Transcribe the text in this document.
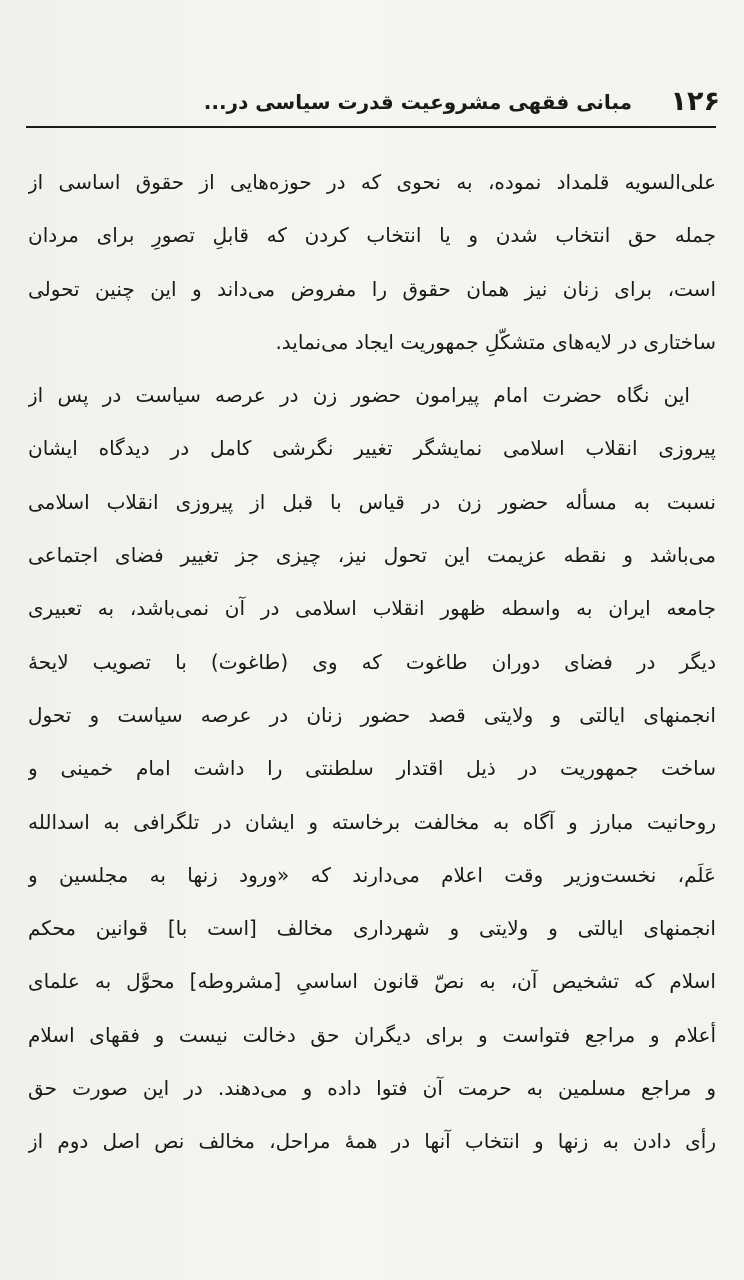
۱۲۶
مبانی فقهی مشروعیت قدرت سیاسی در...
علی‌السویه قلمداد نموده، به نحوی که در حوزه‌هایی از حقوق اساسی از
جمله حق انتخاب شدن و یا انتخاب کردن که قابلِ تصورِ برای مردان
است، برای زنان نیز همان حقوق را مفروض می‌داند و این چنین تحولی
ساختاری در لایه‌های متشکّلِ جمهوریت ایجاد می‌نماید.
این نگاه حضرت امام پیرامون حضور زن در عرصه سیاست در پس از
پیروزی انقلاب اسلامی نمایشگر تغییر نگرشی کامل در دیدگاه ایشان
نسبت به مسأله حضور زن در قیاس با قبل از پیروزی انقلاب اسلامی
می‌باشد و نقطه عزیمت این تحول نیز، چیزی جز تغییر فضای اجتماعی
جامعه ایران به واسطه ظهور انقلاب اسلامی در آن نمی‌باشد، به تعبیری
دیگر در فضای دوران طاغوت که وی (طاغوت) با تصویب لایحهٔ
انجمنهای ایالتی و ولایتی قصد حضور زنان در عرصه سیاست و تحول
ساخت جمهوریت در ذیل اقتدار سلطنتی را داشت امام خمینی و
روحانیت مبارز و آگاه به مخالفت برخاسته و ایشان در تلگرافی به اسدالله
عَلَم، نخست‌وزیر وقت اعلام می‌دارند که «ورود زنها به مجلسین و
انجمنهای ایالتی و ولایتی و شهرداری مخالف [است با] قوانین محکم
اسلام که تشخیص آن، به نصّ قانون اساسیِ [مشروطه] محوَّل به علمای
أعلام و مراجع فتواست و برای دیگران حق دخالت نیست و فقهای اسلام
و مراجع مسلمین به حرمت آن فتوا داده و می‌دهند. در این صورت حق
رأی دادن به زنها و انتخاب آنها در همهٔ مراحل، مخالف نص اصل دوم از
